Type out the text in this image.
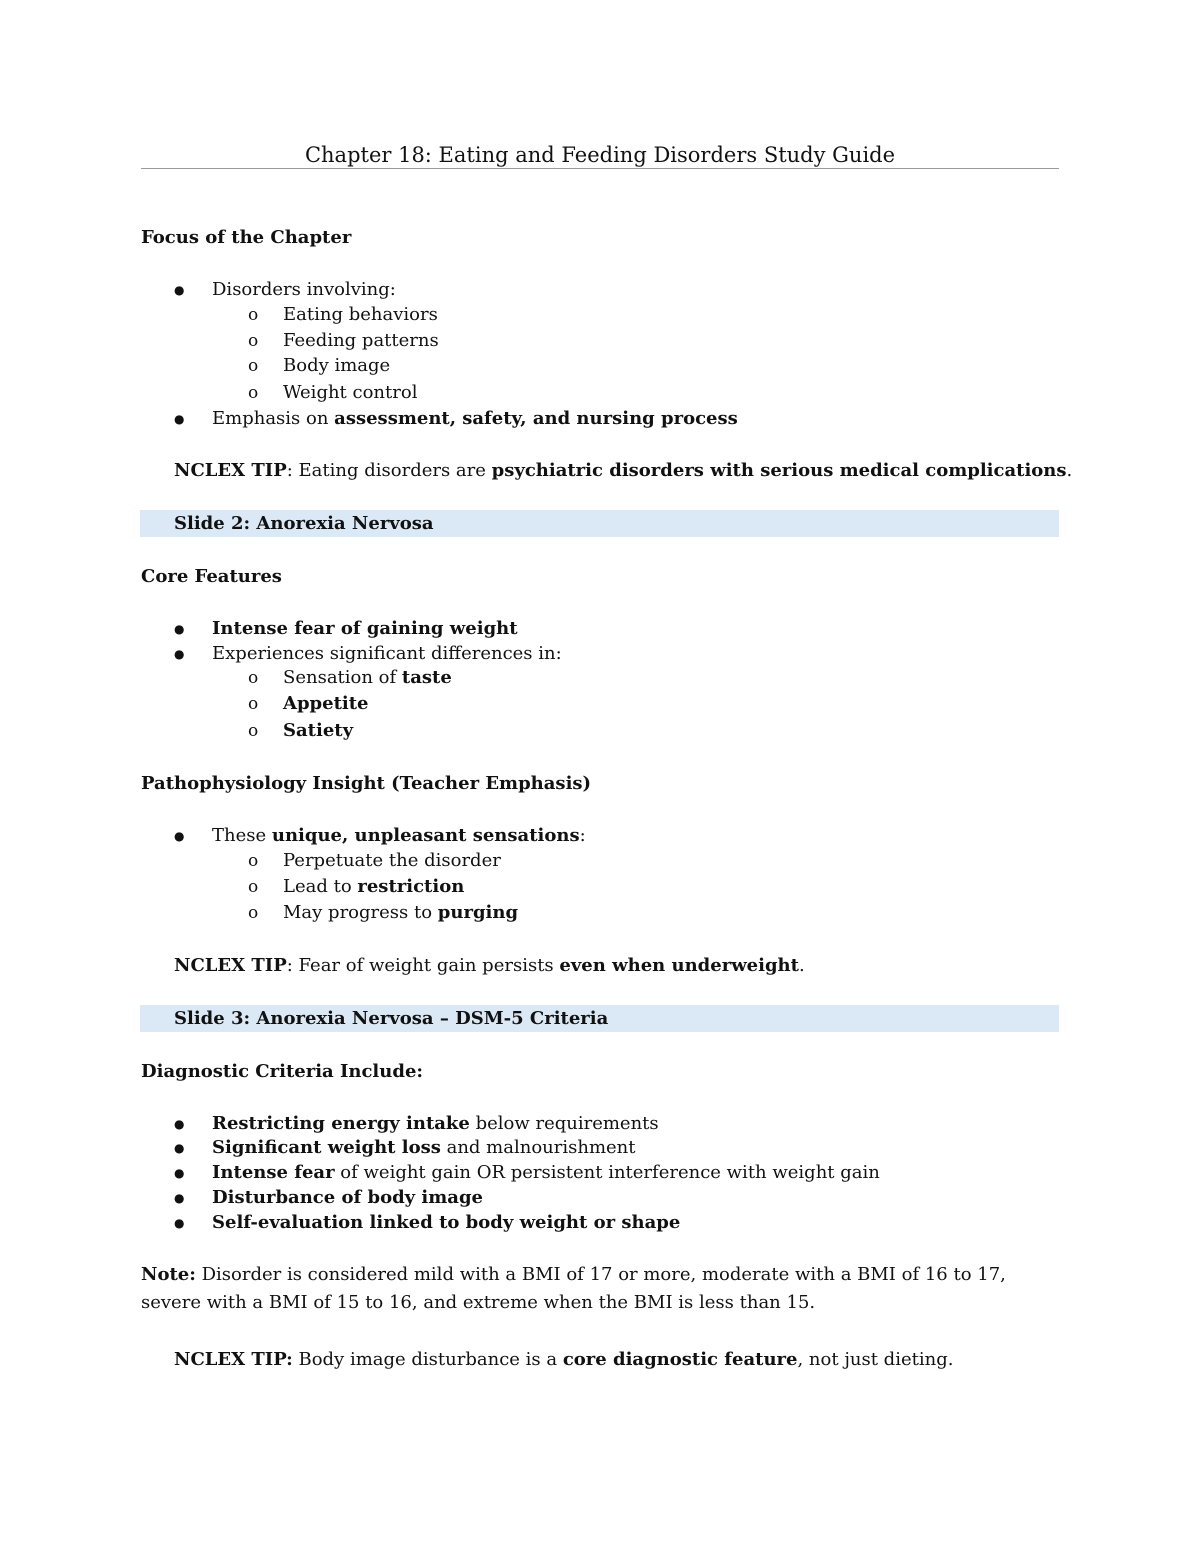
Chapter 18: Eating and Feeding Disorders Study Guide
Focus of the Chapter
● Disorders involving:
o Eating behaviors
o Feeding patterns
o Body image
o Weight control
● Emphasis on assessment, safety, and nursing process
NCLEX TIP: Eating disorders are psychiatric disorders with serious medical complications.
Slide 2: Anorexia Nervosa
Core Features
● Intense fear of gaining weight
● Experiences significant differences in:
o Sensation of taste
o Appetite
o Satiety
Pathophysiology Insight (Teacher Emphasis)
● These unique, unpleasant sensations:
o Perpetuate the disorder
o Lead to restriction
o May progress to purging
NCLEX TIP: Fear of weight gain persists even when underweight.
Slide 3: Anorexia Nervosa – DSM-5 Criteria
Diagnostic Criteria Include:
● Restricting energy intake below requirements
● Significant weight loss and malnourishment
● Intense fear of weight gain OR persistent interference with weight gain
● Disturbance of body image
● Self-evaluation linked to body weight or shape
Note: Disorder is considered mild with a BMI of 17 or more, moderate with a BMI of 16 to 17, severe with a BMI of 15 to 16, and extreme when the BMI is less than 15.
NCLEX TIP: Body image disturbance is a core diagnostic feature, not just dieting.
